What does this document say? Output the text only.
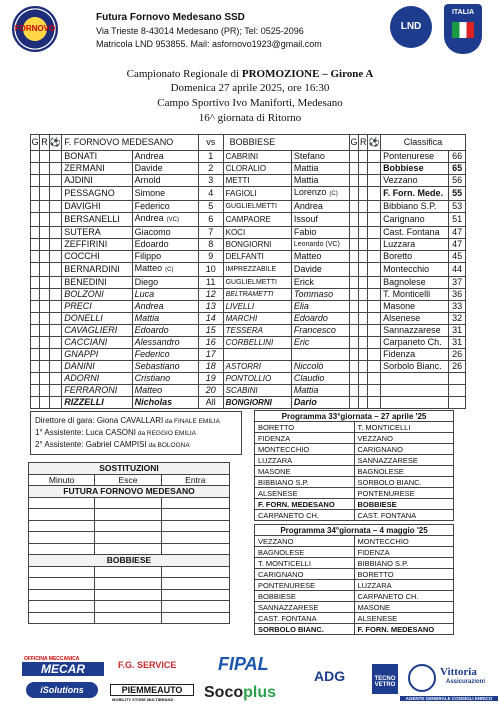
FORNOVO
Futura Fornovo Medesano SSD
Via Trieste 8-43014 Medesano (PR); Tel: 0525-2096
Matricola LND 953855. Mail: asfornovo1923@gmail.com
LND
ITALIA
Campionato Regionale di PROMOZIONE – Girone A
Domenica 27 aprile 2025, ore 16:30
Campo Sportivo Ivo Maniforti, Medesano
16^ giornata di Ritorno
G	R	⚽	F. FORNOVO MEDESANO		vs	BOBBIESE		G	R	⚽	Classifica	
			BONATI	Andrea	1	CABRINI	Stefano				Pontenurese	66
			ZERMANI	Davide	2	CLORALIO	Mattia				Bobbiese	65
			AJDINI	Arnold	3	METTI	Mattia				Vezzano	56
			PESSAGNO	Simone	4	FAGIOLI	Lorenzo (C)				F. Forn. Mede.	55
			DAVIGHI	Federico	5	GUGLIELMETTI	Andrea				Bibbiano S.P.	53
			BERSANELLI	Andrea (VC)	6	CAMPAORE	Issouf				Carignano	51
			SUTERA	Giacomo	7	KOCI	Fabio				Cast. Fontana	47
			ZEFFIRINI	Edoardo	8	BONGIORNI	Leonardo (VC)				Luzzara	47
			COCCHI	Filippo	9	DELFANTI	Matteo				Boretto	45
			BERNARDINI	Matteo (C)	10	IMPREZZABILE	Davide				Montecchio	44
			BENEDINI	Diego	11	GUGLIELMETTI	Erick				Bagnolese	37
			BOLZONI	Luca	12	BELTRAMETTI	Tommaso				T. Monticelli	36
			PRECI	Andrea	13	LIVELLI	Elia				Masone	33
			DONELLI	Mattia	14	MARCHI	Edoardo				Alsenese	32
			CAVAGLIERI	Edoardo	15	TESSERA	Francesco				Sannazzarese	31
			CACCIANI	Alessandro	16	CORBELLINI	Eric				Carpaneto Ch.	31
			GNAPPI	Federico	17						Fidenza	26
			DANINI	Sebastiano	18	ASTORRI	Niccolò				Sorbolo Bianc.	26
			ADORNI	Cristiano	19	PONTOLLIO	Claudio					
			FERRARONI	Matteo	20	SCABINI	Mattia					
			RIZZELLI	Nicholas	All	BONGIORNI	Dario					
Direttore di gara: Giona CAVALLARI da FINALE EMILIA
1° Assistente: Luca CASONI da REGGIO EMILIA
2° Assistente: Gabriel CAMPISI da BOLOGNA
SOSTITUZIONI		
Minuto	Esce	Entra
FUTURA FORNOVO MEDESANO		

BOBBIESE		

Programma 33°giornata – 27 aprile '25	
BORETTO	T. MONTICELLI
FIDENZA	VEZZANO
MONTECCHIO	CARIGNANO
LUZZARA	SANNAZZARESE
MASONE	BAGNOLESE
BIBBIANO S.P.	SORBOLO BIANC.
ALSENESE	PONTENURESE
F. FORN. MEDESANO	BOBBIESE
CARPANETO CH.	CAST. FONTANA
Programma 34°giornata – 4 maggio '25	
VEZZANO	MONTECCHIO
BAGNOLESE	FIDENZA
T. MONTICELLI	BIBBIANO S.P.
CARIGNANO	BORETTO
PONTENURESE	LUZZARA
BOBBIESE	CARPANETO CH.
SANNAZZARESE	MASONE
CAST. FONTANA	ALSENESE
SORBOLO BIANC.	F. FORN. MEDESANO
OFFICINA MECCANICA
MECAR	F.G. SERVICE FIPAL
ADG	TECNO VETRO
Vittoria
Assicurazioni
AGENTE GENERALE CONSIGLI ENRICO
iSolutions	PIEMMEAUTO
MOBILITY STORE MULTIBRAND Socoplus
